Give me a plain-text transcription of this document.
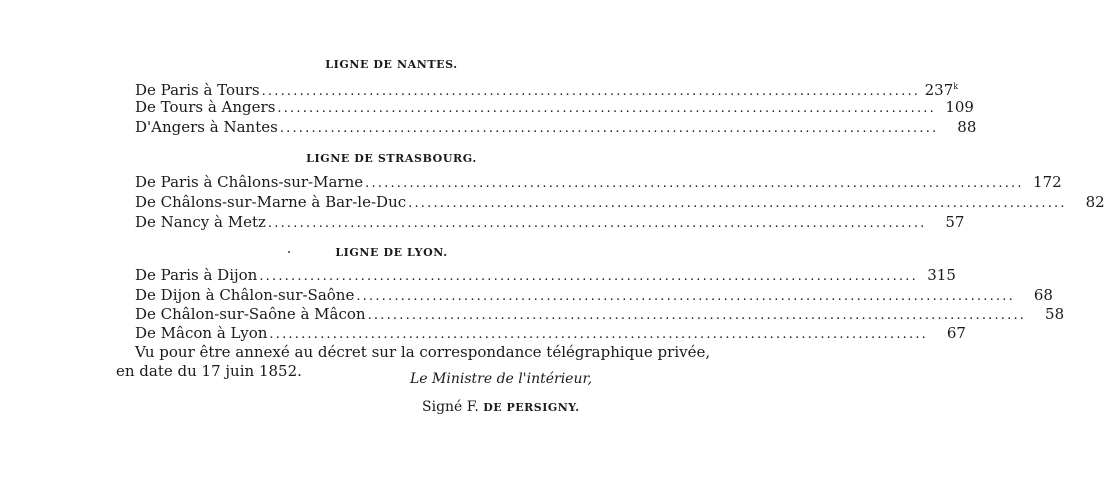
LIGNE DE NANTES.
De Paris à Tours ........................................................................................................ 237$^k$
De Tours à Angers ........................................................................................................ 109
D'Angers à Nantes ........................................................................................................	88
LIGNE DE STRASBOURG.
De Paris à Châlons-sur-Marne ........................................................................................................ 172
De Châlons-sur-Marne à Bar-le-Duc ........................................................................................................	82
De Nancy à Metz ........................................................................................................	57
LIGNE DE LYON.
De Paris à Dijon ........................................................................................................ 315
De Dijon à Châlon-sur-Saône ........................................................................................................	68
De Châlon-sur-Saône à Mâcon ........................................................................................................	58
De Mâcon à Lyon ........................................................................................................	67
Vu pour être annexé au décret sur la correspondance télégraphique privée,
en date du 17 juin 1852.	Le Ministre de l'intérieur,
Signé F. DE PERSIGNY.
